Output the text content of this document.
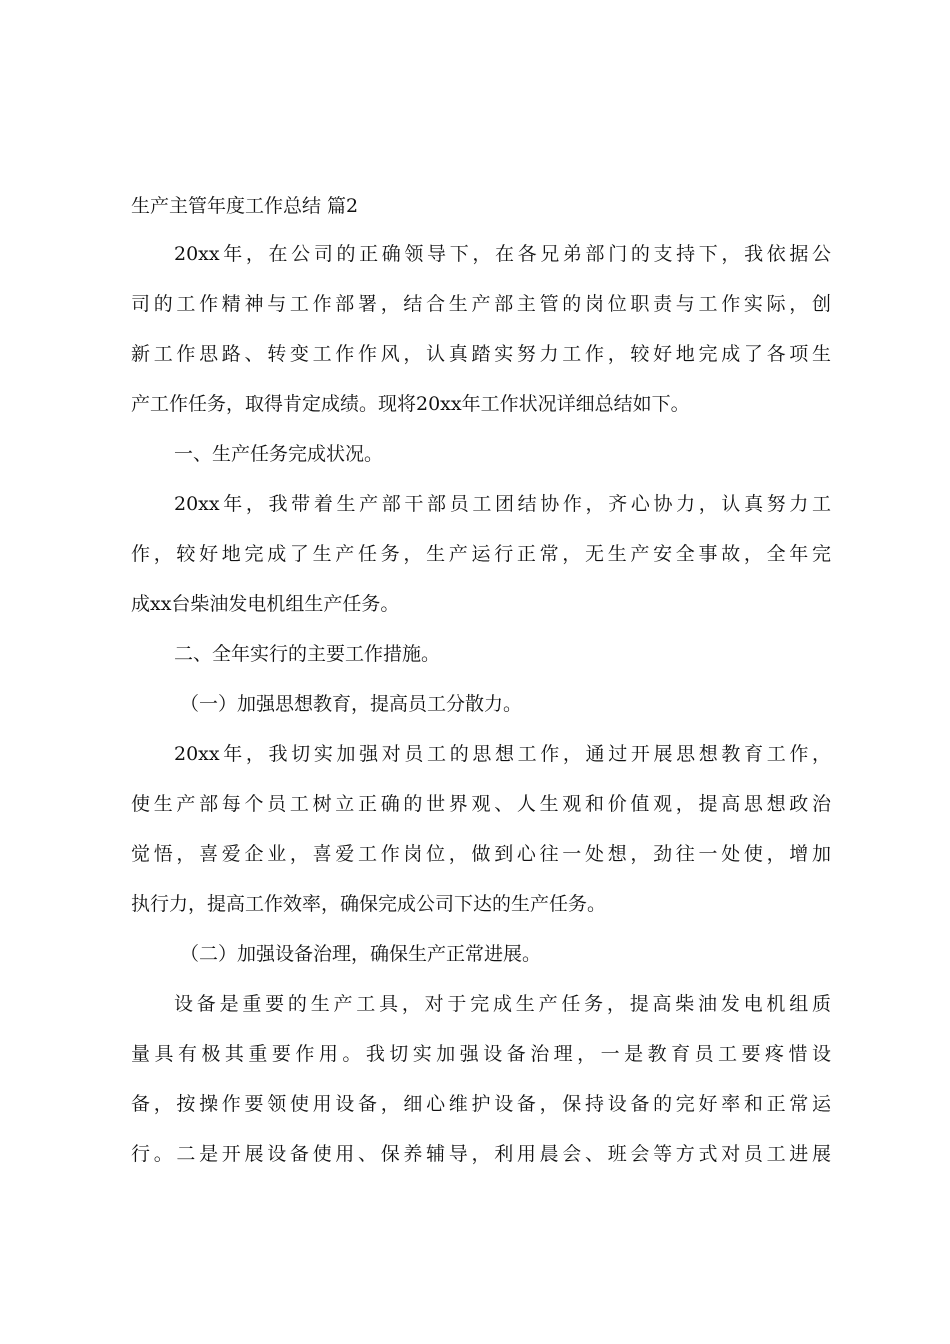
生产主管年度工作总结 篇2
20xx年，在公司的正确领导下，在各兄弟部门的支持下，我依据公
司的工作精神与工作部署，结合生产部主管的岗位职责与工作实际，创
新工作思路、转变工作作风，认真踏实努力工作，较好地完成了各项生
产工作任务，取得肯定成绩。现将20xx年工作状况详细总结如下。
一、生产任务完成状况。
20xx年，我带着生产部干部员工团结协作，齐心协力，认真努力工
作，较好地完成了生产任务，生产运行正常，无生产安全事故，全年完
成xx台柴油发电机组生产任务。
二、全年实行的主要工作措施。
（一）加强思想教育，提高员工分散力。
20xx年，我切实加强对员工的思想工作，通过开展思想教育工作，
使生产部每个员工树立正确的世界观、人生观和价值观，提高思想政治
觉悟，喜爱企业，喜爱工作岗位，做到心往一处想，劲往一处使，增加
执行力，提高工作效率，确保完成公司下达的生产任务。
（二）加强设备治理，确保生产正常进展。
设备是重要的生产工具，对于完成生产任务，提高柴油发电机组质
量具有极其重要作用。我切实加强设备治理，一是教育员工要疼惜设
备，按操作要领使用设备，细心维护设备，保持设备的完好率和正常运
行。二是开展设备使用、保养辅导，利用晨会、班会等方式对员工进展
